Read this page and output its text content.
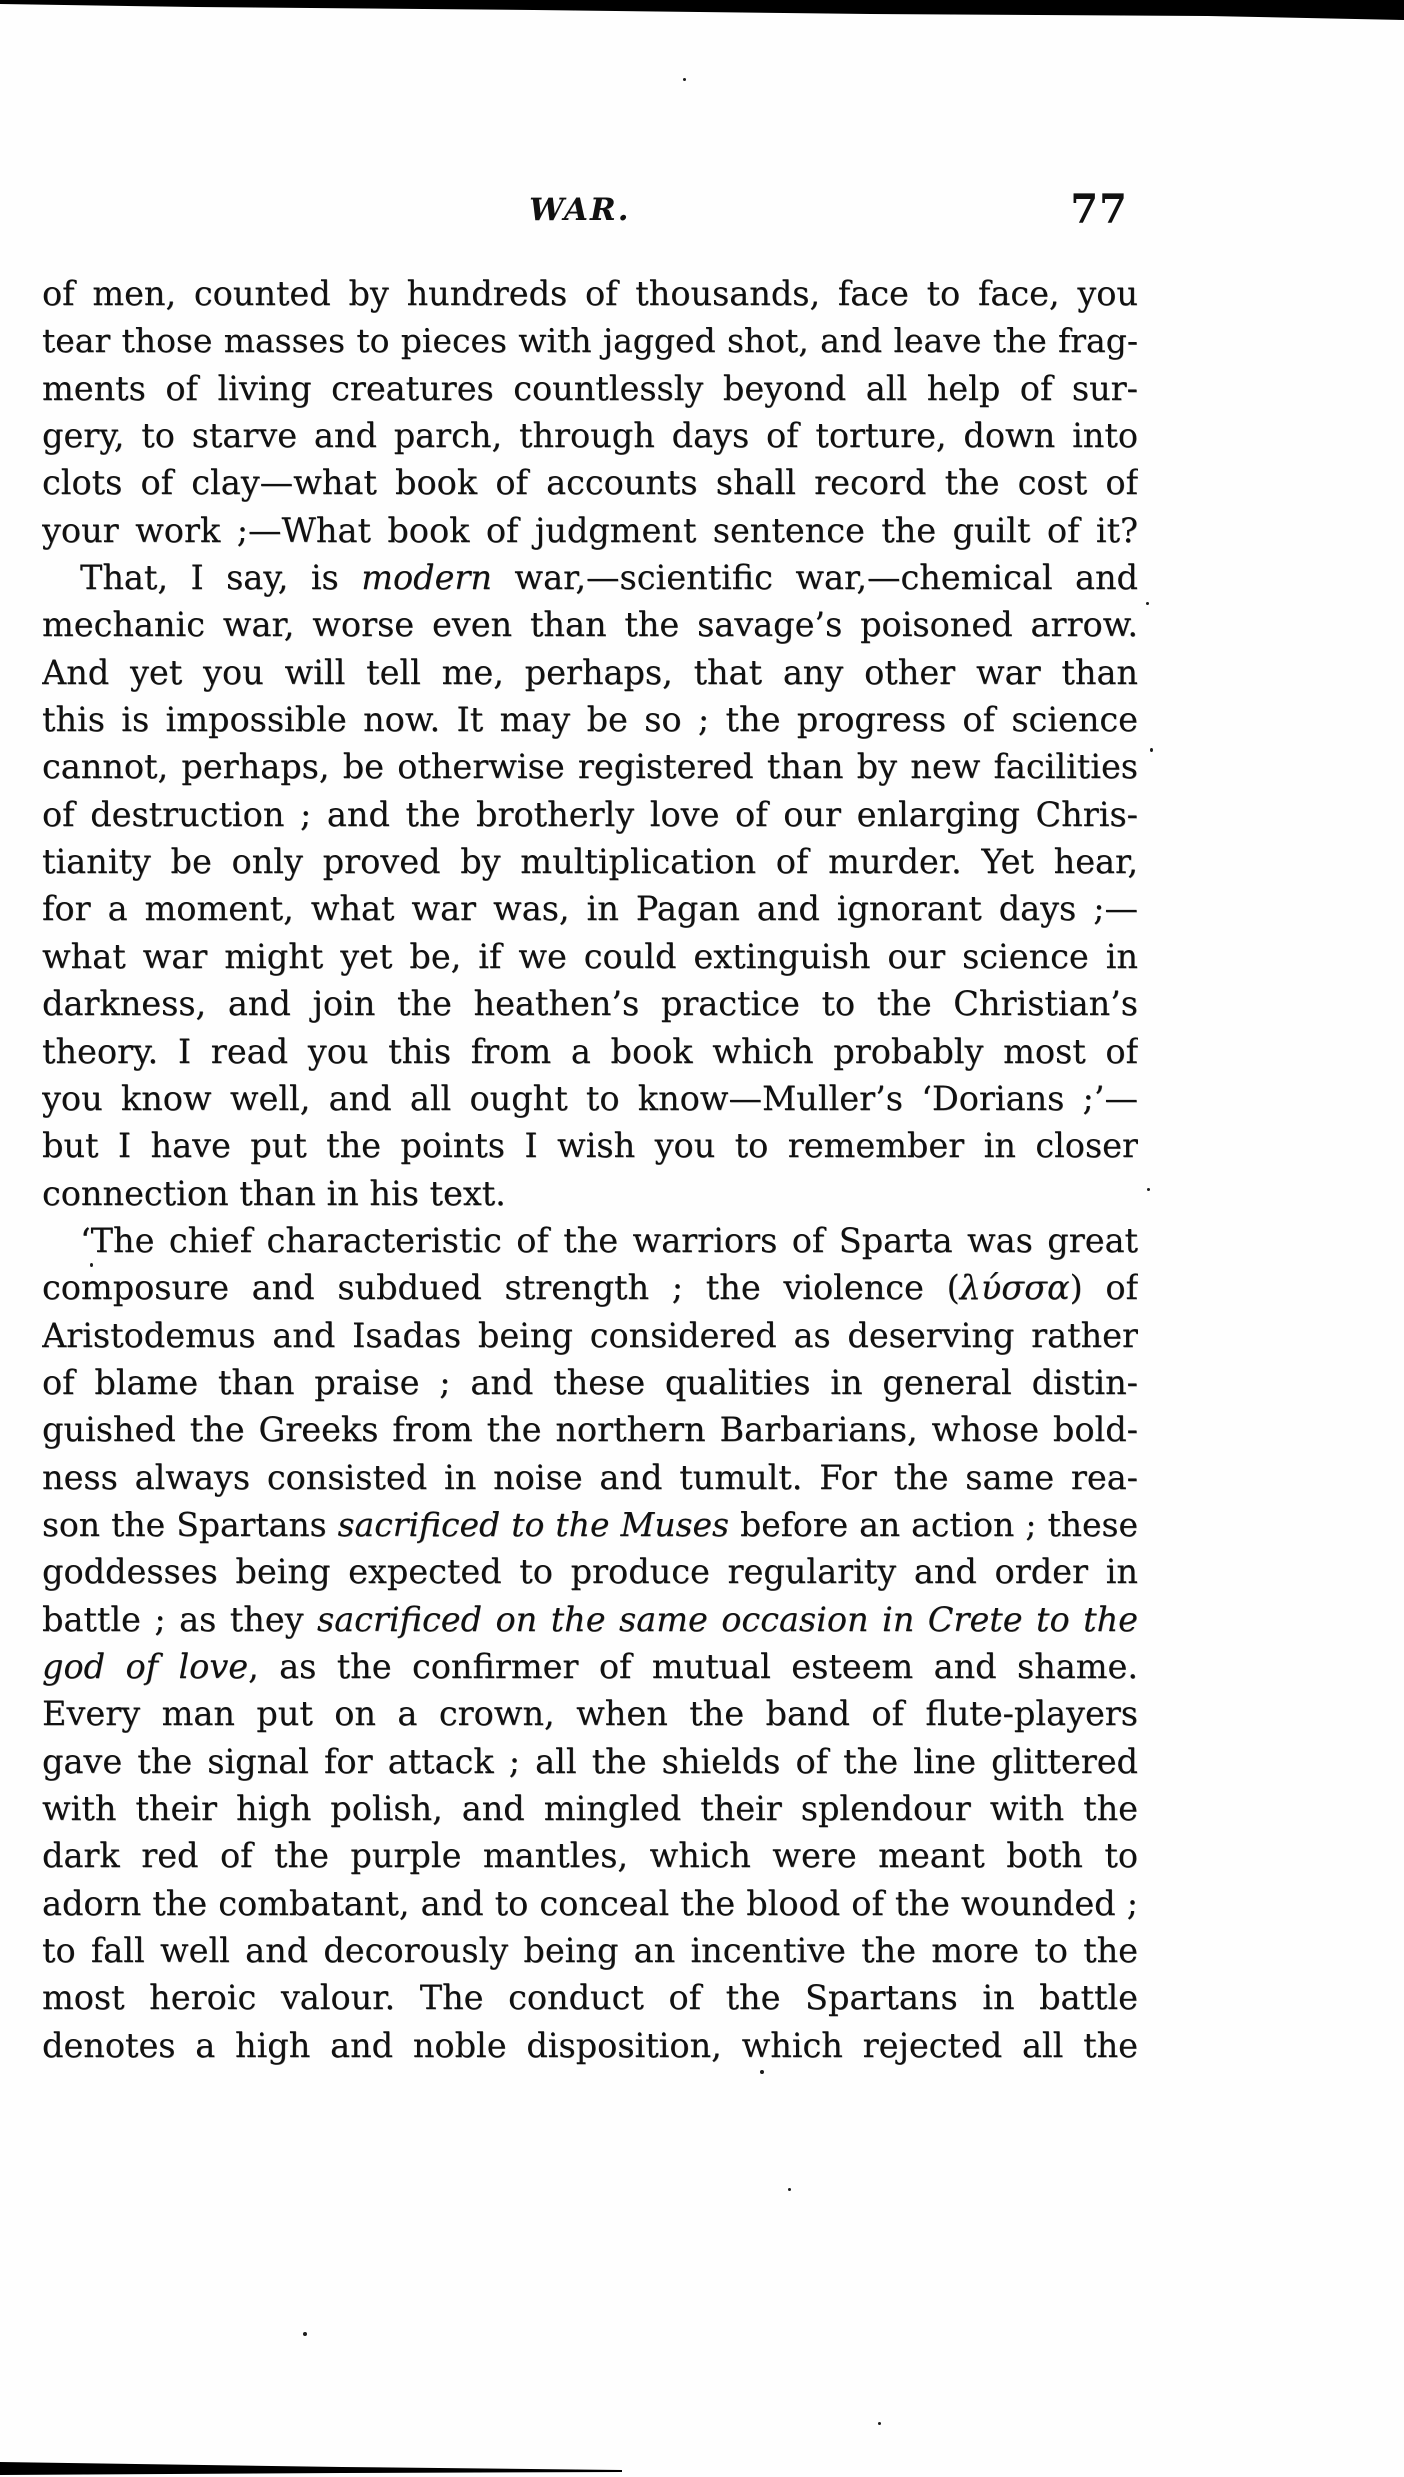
WAR.	77
of men, counted by hundreds of thousands, face to face, you
tear those masses to pieces with jagged shot, and leave the frag-
ments of living creatures countlessly beyond all help of sur-
gery, to starve and parch, through days of torture, down into
clots of clay—what book of accounts shall record the cost of
your work ;—What book of judgment sentence the guilt of it?
That, I say, is modern war,—scientific war,—chemical and
mechanic war, worse even than the savage’s poisoned arrow.
And yet you will tell me, perhaps, that any other war than
this is impossible now. It may be so ; the progress of science
cannot, perhaps, be otherwise registered than by new facilities
of destruction ; and the brotherly love of our enlarging Chris-
tianity be only proved by multiplication of murder. Yet hear,
for a moment, what war was, in Pagan and ignorant days ;—
what war might yet be, if we could extinguish our science in
darkness, and join the heathen’s practice to the Christian’s
theory. I read you this from a book which probably most of
you know well, and all ought to know—Muller’s ‘Dorians ;’—
but I have put the points I wish you to remember in closer
connection than in his text.
‘The chief characteristic of the warriors of Sparta was great
composure and subdued strength ; the violence (λύσσα) of
Aristodemus and Isadas being considered as deserving rather
of blame than praise ; and these qualities in general distin-
guished the Greeks from the northern Barbarians, whose bold-
ness always consisted in noise and tumult. For the same rea-
son the Spartans sacrificed to the Muses before an action ; these
goddesses being expected to produce regularity and order in
battle ; as they sacrificed on the same occasion in Crete to the
god of love, as the confirmer of mutual esteem and shame.
Every man put on a crown, when the band of flute-players
gave the signal for attack ; all the shields of the line glittered
with their high polish, and mingled their splendour with the
dark red of the purple mantles, which were meant both to
adorn the combatant, and to conceal the blood of the wounded ;
to fall well and decorously being an incentive the more to the
most heroic valour. The conduct of the Spartans in battle
denotes a high and noble disposition, which rejected all the
